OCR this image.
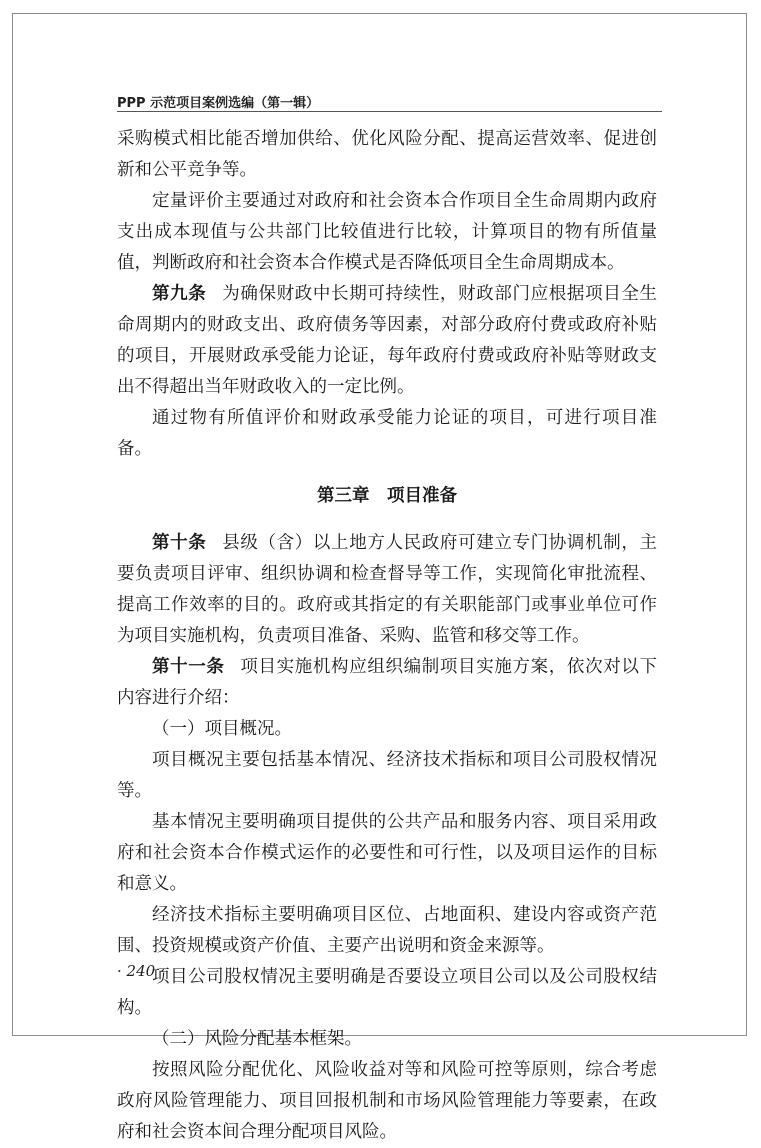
PPP 示范项目案例选编（第一辑）

采购模式相比能否增加供给、优化风险分配、提高运营效率、促进创新和公平竞争等。

定量评价主要通过对政府和社会资本合作项目全生命周期内政府支出成本现值与公共部门比较值进行比较，计算项目的物有所值量值，判断政府和社会资本合作模式是否降低项目全生命周期成本。

第九条 为确保财政中长期可持续性，财政部门应根据项目全生命周期内的财政支出、政府债务等因素，对部分政府付费或政府补贴的项目，开展财政承受能力论证，每年政府付费或政府补贴等财政支出不得超出当年财政收入的一定比例。

通过物有所值评价和财政承受能力论证的项目，可进行项目准备。

第三章　项目准备

第十条 县级（含）以上地方人民政府可建立专门协调机制，主要负责项目评审、组织协调和检查督导等工作，实现简化审批流程、提高工作效率的目的。政府或其指定的有关职能部门或事业单位可作为项目实施机构，负责项目准备、采购、监管和移交等工作。

第十一条 项目实施机构应组织编制项目实施方案，依次对以下内容进行介绍：

（一）项目概况。

项目概况主要包括基本情况、经济技术指标和项目公司股权情况等。

基本情况主要明确项目提供的公共产品和服务内容、项目采用政府和社会资本合作模式运作的必要性和可行性，以及项目运作的目标和意义。

经济技术指标主要明确项目区位、占地面积、建设内容或资产范围、投资规模或资产价值、主要产出说明和资金来源等。

项目公司股权情况主要明确是否要设立项目公司以及公司股权结构。

（二）风险分配基本框架。

按照风险分配优化、风险收益对等和风险可控等原则，综合考虑政府风险管理能力、项目回报机制和市场风险管理能力等要素，在政府和社会资本间合理分配项目风险。

· 240 ·
